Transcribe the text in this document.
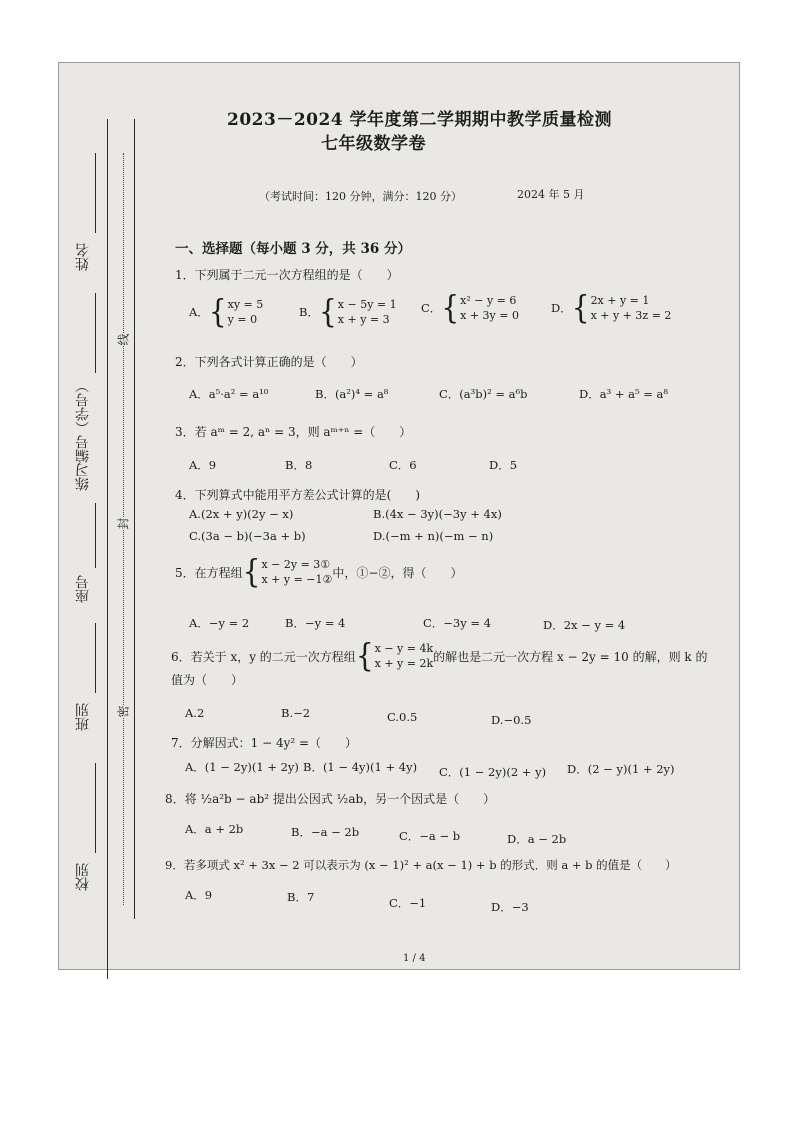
姓名
练习编号（学号）
座号
班别
校别
线
封
密
2023－2024 学年度第二学期期中教学质量检测
七年级数学卷
（考试时间：120 分钟，满分：120 分）	2024 年 5 月
一、选择题（每小题 3 分，共 36 分）
1．下列属于二元一次方程组的是（　　）
A． { xy = 5
y = 0
B． { x − 5y = 1
x + y = 3
C． { x² − y = 6
x + 3y = 0
D． { 2x + y = 1
x + y + 3z = 2
2．下列各式计算正确的是（　　）
A．a⁵·a² = a¹⁰	B．(a²)⁴ = a⁸	C．(a³b)² = a⁶b	D．a³ + a⁵ = a⁸
3．若 aᵐ = 2, aⁿ = 3，则 aᵐ⁺ⁿ =（　　）
A．9	B．8	C．6	D．5
4．下列算式中能用平方差公式计算的是(　　)
A.(2x + y)(2y − x)	B.(4x − 3y)(−3y + 4x)
C.(3a − b)(−3a + b)	D.(−m + n)(−m − n)
5．在方程组 { x − 2y = 3①
x + y = −1② 中，①−②，得（　　）
A．−y = 2	B．−y = 4	C．−3y = 4	D．2x − y = 4
6．若关于 x，y 的二元一次方程组 { x − y = 4k
x + y = 2k 的解也是二元一次方程 x − 2y = 10 的解，则 k 的
值为（　　）
A.2	B.−2	C.0.5	D.−0.5
7．分解因式：1 − 4y² =（　　）
A．(1 − 2y)(1 + 2y) B．(1 − 4y)(1 + 4y) C．(1 − 2y)(2 + y) D．(2 − y)(1 + 2y)
8．将 ½a²b − ab² 提出公因式 ½ab，另一个因式是（　　）
A．a + 2b	B．−a − 2b	C．−a − b	D．a − 2b
9．若多项式 x² + 3x − 2 可以表示为 (x − 1)² + a(x − 1) + b 的形式．则 a + b 的值是（　　）
A．9	B．7	C．−1	D．−3
1 / 4
